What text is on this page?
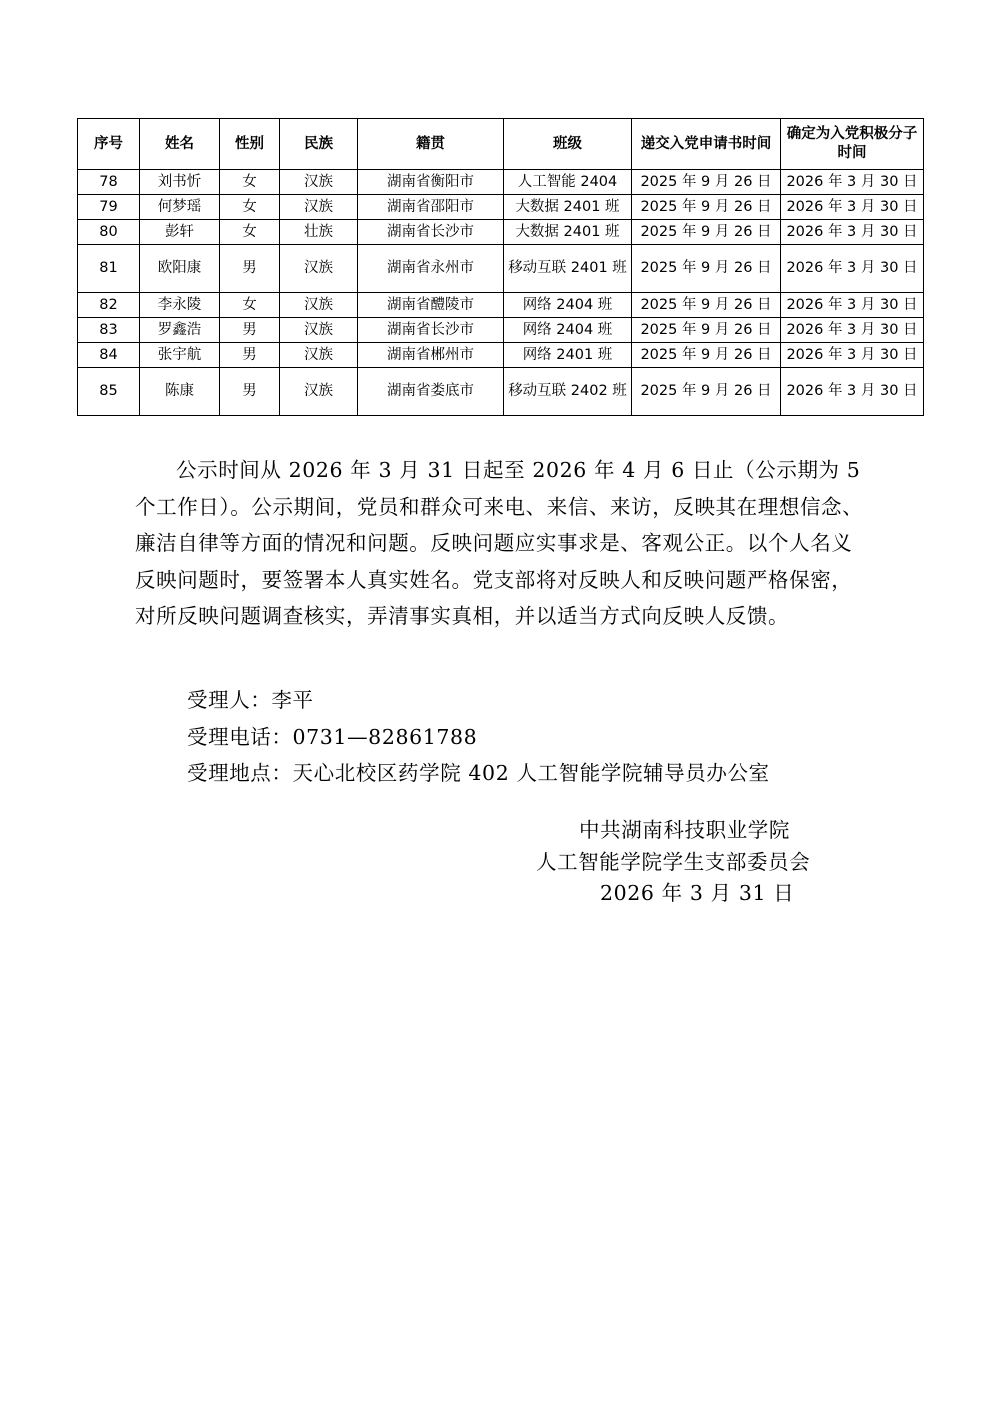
序号	姓名	性别	民族	籍贯	班级	递交入党申请书时间	确定为入党积极分子时间
78	刘书忻	女	汉族	湖南省衡阳市	人工智能 2404	2025 年 9 月 26 日	2026 年 3 月 30 日
79	何梦瑶	女	汉族	湖南省邵阳市	大数据 2401 班	2025 年 9 月 26 日	2026 年 3 月 30 日
80	彭轩	女	壮族	湖南省长沙市	大数据 2401 班	2025 年 9 月 26 日	2026 年 3 月 30 日
81	欧阳康	男	汉族	湖南省永州市	移动互联 2401 班	2025 年 9 月 26 日	2026 年 3 月 30 日
82	李永陵	女	汉族	湖南省醴陵市	网络 2404 班	2025 年 9 月 26 日	2026 年 3 月 30 日
83	罗鑫浩	男	汉族	湖南省长沙市	网络 2404 班	2025 年 9 月 26 日	2026 年 3 月 30 日
84	张宇航	男	汉族	湖南省郴州市	网络 2401 班	2025 年 9 月 26 日	2026 年 3 月 30 日
85	陈康	男	汉族	湖南省娄底市	移动互联 2402 班	2025 年 9 月 26 日	2026 年 3 月 30 日

公示时间从 2026 年 3 月 31 日起至 2026 年 4 月 6 日止（公示期为 5 个工作日）。公示期间，党员和群众可来电、来信、来访，反映其在理想信念、廉洁自律等方面的情况和问题。反映问题应实事求是、客观公正。以个人名义反映问题时，要签署本人真实姓名。党支部将对反映人和反映问题严格保密，对所反映问题调查核实，弄清事实真相，并以适当方式向反映人反馈。

受理人：李平
受理电话：0731—82861788
受理地点：天心北校区药学院 402 人工智能学院辅导员办公室
中共湖南科技职业学院
人工智能学院学生支部委员会
2026 年 3 月 31 日
